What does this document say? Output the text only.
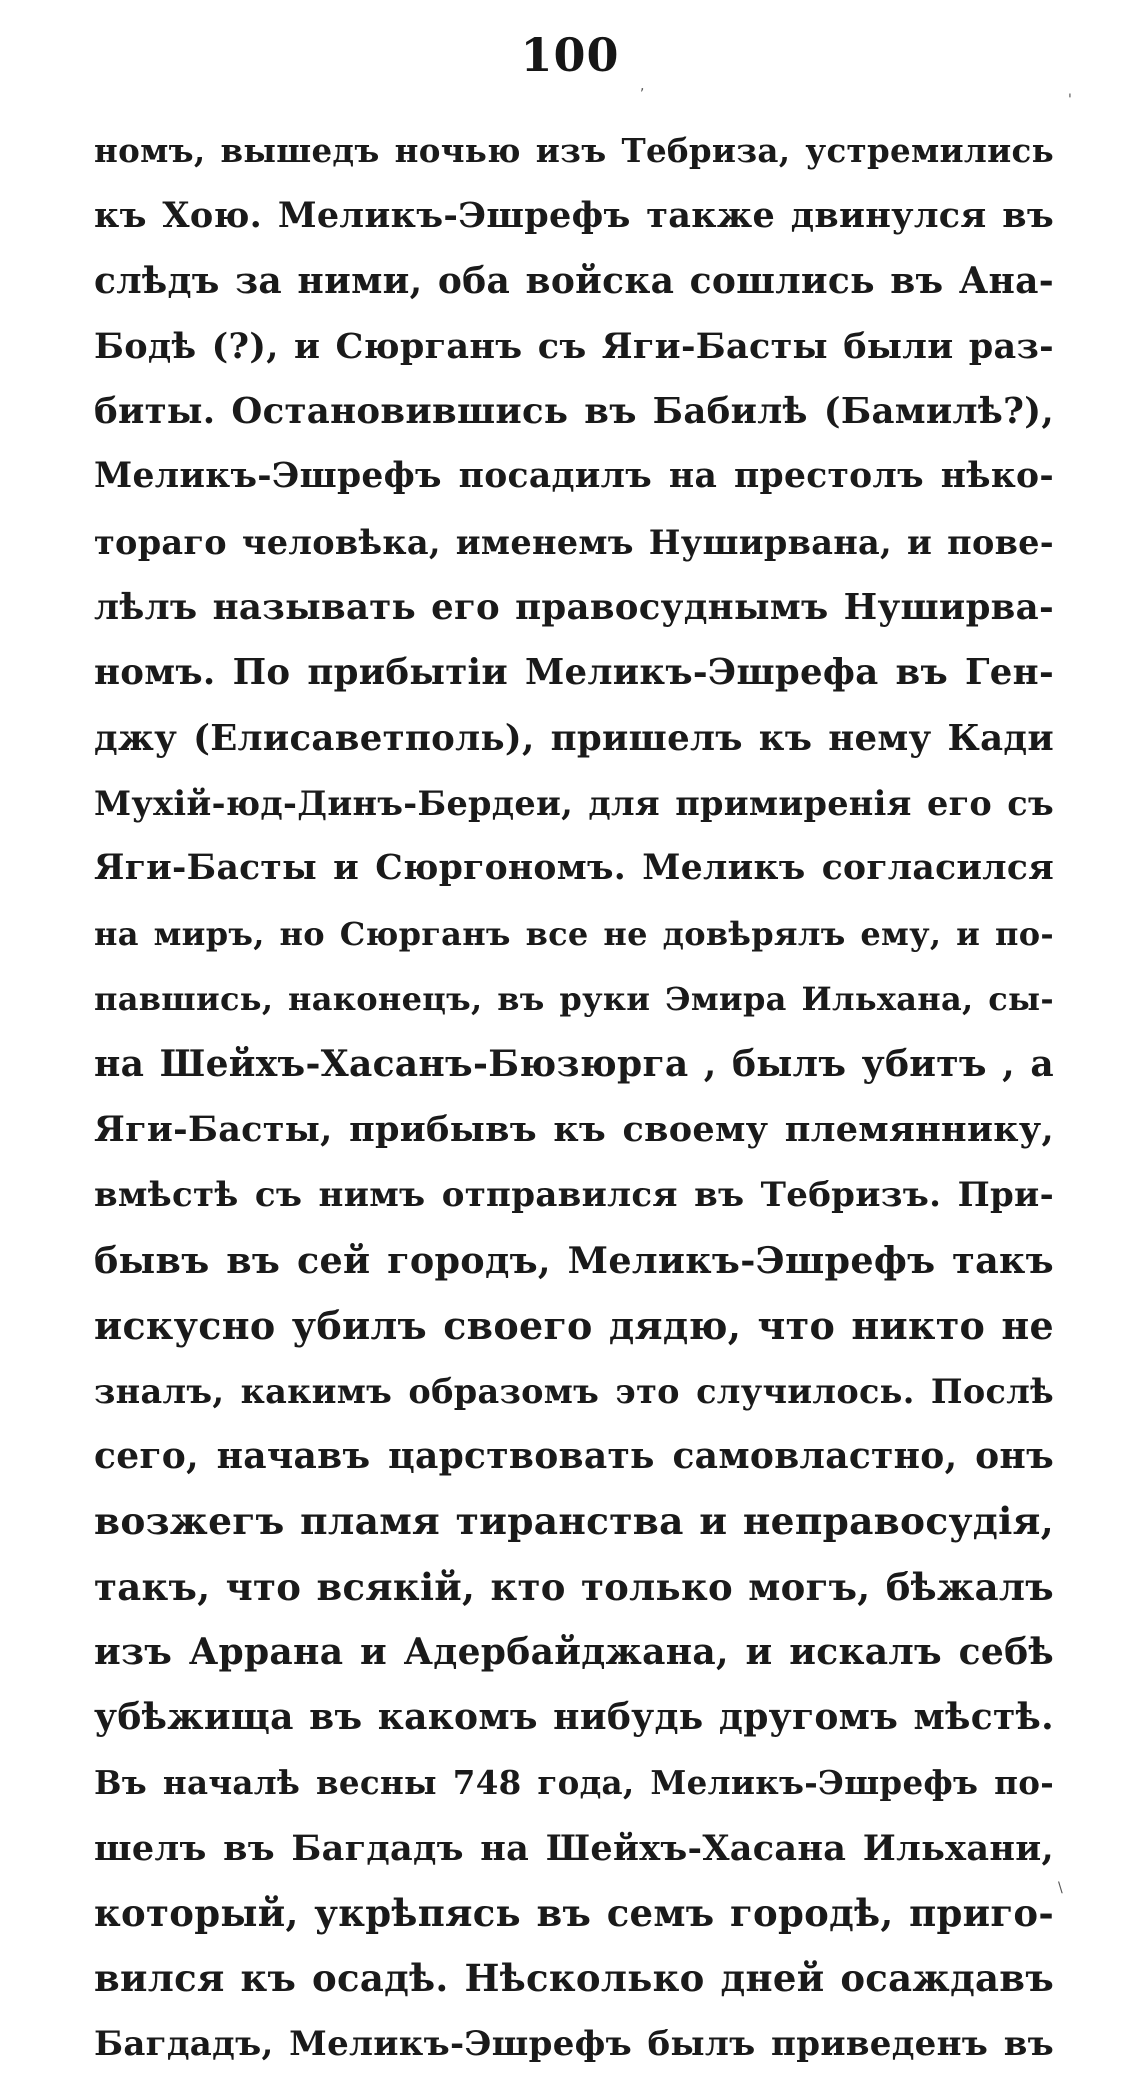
100
,
'
\
номъ, вышедъ ночью изъ Тебриза, устремились
къ Хою. Меликъ-Эшрефъ также двинулся въ
слѣдъ за ними, оба войска сошлись въ Ана-
Бодѣ (?), и Сюрганъ съ Яги-Басты были раз-
биты. Остановившись въ Бабилѣ (Бамилѣ?),
Меликъ-Эшрефъ посадилъ на престолъ нѣко-
тораго человѣка, именемъ Нуширвана, и пове-
лѣлъ называть его правосуднымъ Нуширва-
номъ. По прибытіи Меликъ-Эшрефа въ Ген-
джу (Елисаветполь), пришелъ къ нему Кади
Мухій-юд-Динъ-Бердеи, для примиренія его съ
Яги-Басты и Сюргономъ. Меликъ согласился
на миръ, но Сюрганъ все не довѣрялъ ему, и по-
павшись, наконецъ, въ руки Эмира Ильхана, сы-
на Шейхъ-Хасанъ-Бюзюрга , былъ убитъ , а
Яги-Басты, прибывъ къ своему племяннику,
вмѣстѣ съ нимъ отправился въ Тебризъ. При-
бывъ въ сей городъ, Меликъ-Эшрефъ такъ
искусно убилъ своего дядю, что никто не
зналъ, какимъ образомъ это случилось. Послѣ
сего, начавъ царствовать самовластно, онъ
возжегъ пламя тиранства и неправосудія,
такъ, что всякій, кто только могъ, бѣжалъ
изъ Аррана и Адербайджана, и искалъ себѣ
убѣжища въ какомъ нибудь другомъ мѣстѣ.
Въ началѣ весны 748 года, Меликъ-Эшрефъ по-
шелъ въ Багдадъ на Шейхъ-Хасана Ильхани,
который, укрѣпясь въ семъ городѣ, приго-
вился къ осадѣ. Нѣсколько дней осаждавъ
Багдадъ, Меликъ-Эшрефъ былъ приведенъ въ
